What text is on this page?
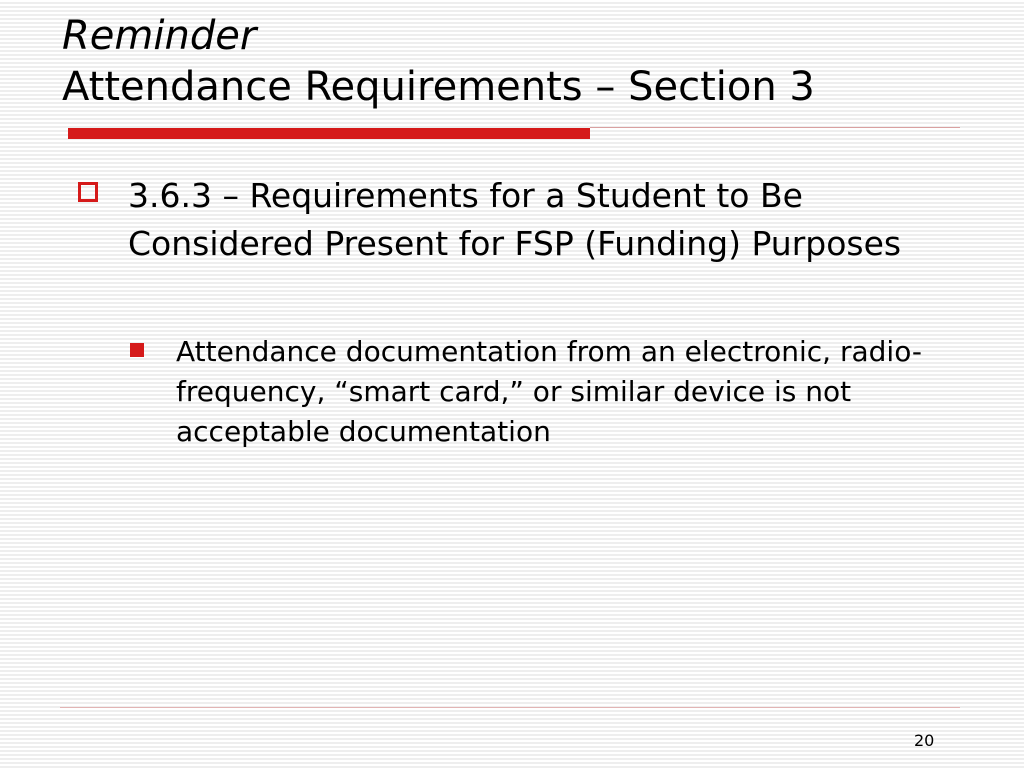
Reminder
Attendance Requirements – Section 3
3.6.3 – Requirements for a Student to Be Considered Present for FSP (Funding) Purposes
Attendance documentation from an electronic, radio-frequency, “smart card,” or similar device is not acceptable documentation
20
